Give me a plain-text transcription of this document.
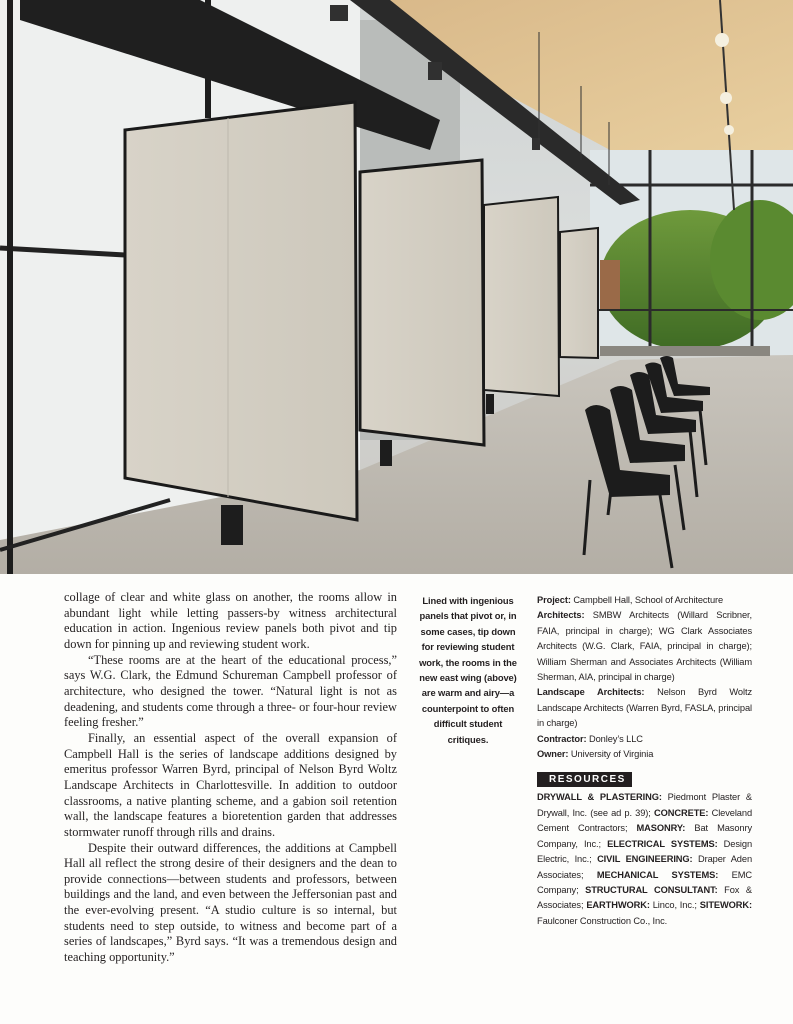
collage of clear and white glass on another, the rooms allow in abundant light while letting passers-by witness architectural education in action. Ingenious review panels both pivot and tip down for pinning up and reviewing student work.

“These rooms are at the heart of the educational process,” says W.G. Clark, the Edmund Schureman Campbell professor of architecture, who designed the tower. “Natural light is not as deadening, and students come through a three- or four-hour review feeling fresher.”

Finally, an essential aspect of the overall expansion of Campbell Hall is the series of landscape additions designed by emeritus professor Warren Byrd, principal of Nelson Byrd Woltz Landscape Architects in Charlottesville. In addition to outdoor classrooms, a native planting scheme, and a gabion soil retention wall, the landscape features a bioretention garden that addresses stormwater runoff through rills and drains.

Despite their outward differences, the additions at Campbell Hall all reflect the strong desire of their designers and the dean to provide connections—between students and professors, between buildings and the land, and even between the Jeffersonian past and the ever-evolving present. “A studio culture is so internal, but students need to step outside, to witness and become part of a series of landscapes,” Byrd says. “It was a tremendous design and teaching opportunity.”

Lined with ingenious panels that pivot or, in some cases, tip down for reviewing student work, the rooms in the new east wing (above) are warm and airy—a counterpoint to often difficult student critiques.
Project: Campbell Hall, School of Architecture
Architects: SMBW Architects (Willard Scribner, FAIA, principal in charge); WG Clark Associates Architects (W.G. Clark, FAIA, principal in charge); William Sherman and Associates Architects (William Sherman, AIA, principal in charge)
Landscape Architects: Nelson Byrd Woltz Landscape Architects (Warren Byrd, FASLA, principal in charge)
Contractor: Donley’s LLC
Owner: University of Virginia
RESOURCES
DRYWALL & PLASTERING: Piedmont Plaster & Drywall, Inc. (see ad p. 39); CONCRETE: Cleveland Cement Contractors; MASONRY: Bat Masonry Company, Inc.; ELECTRICAL SYSTEMS: Design Electric, Inc.; CIVIL ENGINEERING: Draper Aden Associates; MECHANICAL SYSTEMS: EMC Company; STRUCTURAL CONSULTANT: Fox & Associates; EARTHWORK: Linco, Inc.; SITEWORK: Faulconer Construction Co., Inc.
